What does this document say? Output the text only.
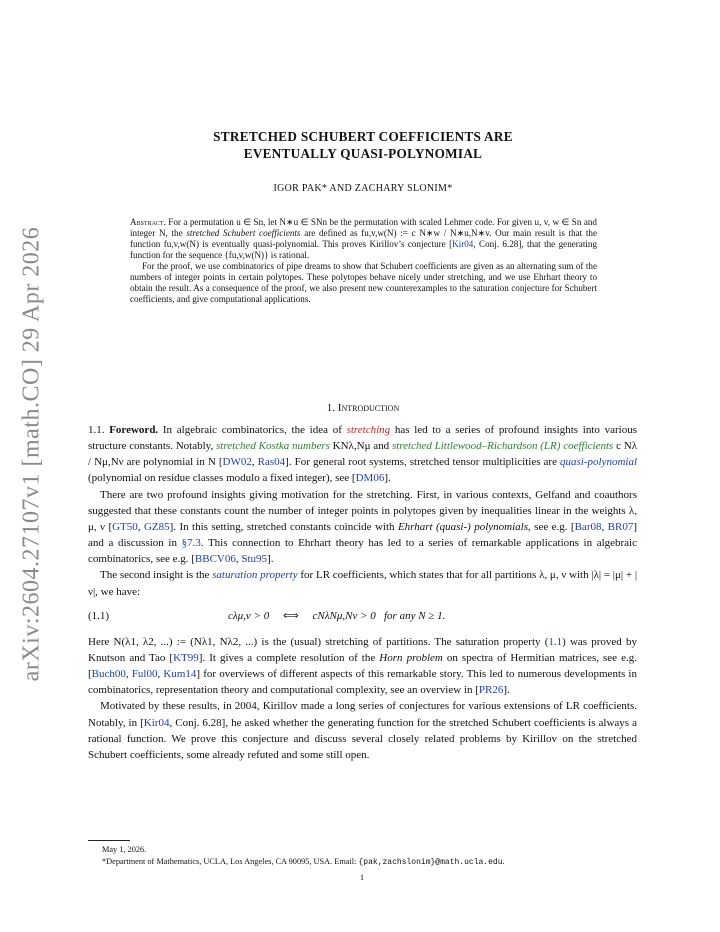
arXiv:2604.27107v1 [math.CO] 29 Apr 2026
STRETCHED SCHUBERT COEFFICIENTS ARE
EVENTUALLY QUASI-POLYNOMIAL
IGOR PAK* AND ZACHARY SLONIM*

Abstract. For a permutation u ∈ Sn, let N∗u ∈ SNn be the permutation with scaled Lehmer code. For given u, v, w ∈ Sn and integer N, the stretched Schubert coefficients are defined as fu,v,w(N) := c N∗w / N∗u,N∗v. Our main result is that the function fu,v,w(N) is eventually quasi-polynomial. This proves Kirillov’s conjecture [Kir04, Conj. 6.28], that the generating function for the sequence {fu,v,w(N)} is rational.

For the proof, we use combinatorics of pipe dreams to show that Schubert coefficients are given as an alternating sum of the numbers of integer points in certain polytopes. These polytopes behave nicely under stretching, and we use Ehrhart theory to obtain the result. As a consequence of the proof, we also present new counterexamples to the saturation conjecture for Schubert coefficients, and give computational applications.

1. Introduction

1.1. Foreword. In algebraic combinatorics, the idea of stretching has led to a series of profound insights into various structure constants. Notably, stretched Kostka numbers KNλ,Nμ and stretched Littlewood–Richardson (LR) coefficients c Nλ / Nμ,Nν are polynomial in N [DW02, Ras04]. For general root systems, stretched tensor multiplicities are quasi-polynomial (polynomial on residue classes modulo a fixed integer), see [DM06].

There are two profound insights giving motivation for the stretching. First, in various contexts, Gelfand and coauthors suggested that these constants count the number of integer points in polytopes given by inequalities linear in the weights λ, μ, ν [GT50, GZ85]. In this setting, stretched constants coincide with Ehrhart (quasi-) polynomials, see e.g. [Bar08, BR07] and a discussion in §7.3. This connection to Ehrhart theory has led to a series of remarkable applications in algebraic combinatorics, see e.g. [BBCV06, Stu95].

The second insight is the saturation property for LR coefficients, which states that for all partitions λ, μ, ν with |λ| = |μ| + |ν|, we have:

(1.1)	cλμ,ν > 0 ⟺ cNλNμ,Nν > 0 for any N ≥ 1.

Here N(λ1, λ2, ...) := (Nλ1, Nλ2, ...) is the (usual) stretching of partitions. The saturation property (1.1) was proved by Knutson and Tao [KT99]. It gives a complete resolution of the Horn problem on spectra of Hermitian matrices, see e.g. [Buch00, Ful00, Kum14] for overviews of different aspects of this remarkable story. This led to numerous developments in combinatorics, representation theory and computational complexity, see an overview in [PR26].

Motivated by these results, in 2004, Kirillov made a long series of conjectures for various extensions of LR coefficients. Notably, in [Kir04, Conj. 6.28], he asked whether the generating function for the stretched Schubert coefficients is always a rational function. We prove this conjecture and discuss several closely related problems by Kirillov on the stretched Schubert coefficients, some already refuted and some still open.

May 1, 2026.
*Department of Mathematics, UCLA, Los Angeles, CA 90095, USA. Email: {pak,zachslonim}@math.ucla.edu.
1
